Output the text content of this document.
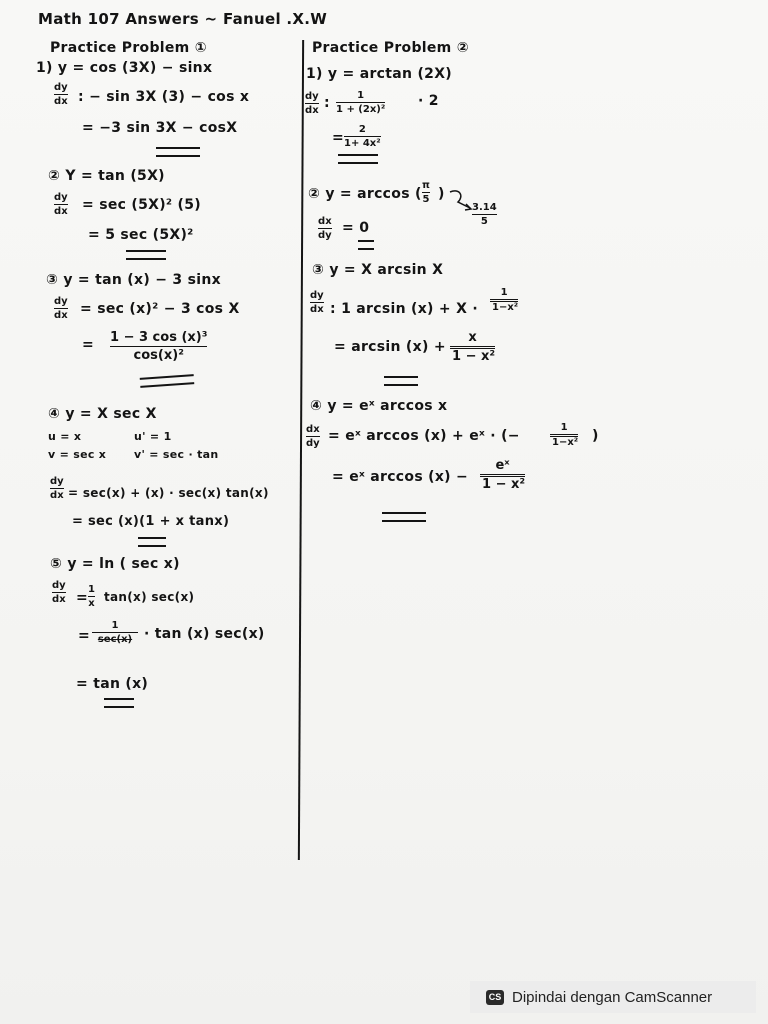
Math 107 Answers ~ Fanuel .X.W
Practice Problem ①
1) y = cos (3X) − sinx
dy
dx : − sin 3X (3) − cos x
= −3 sin 3X − cosX
② Y = tan (5X)
dy
dx = sec (5X)² (5)
= 5 sec (5X)²
③ y = tan (x) − 3 sinx
dy
dx = sec (x)² − 3 cos X
= 1 − 3 cos (x)³
cos(x)²
④ y = X sec X
u = x	u' = 1
v = sec x	v' = sec · tan
dy
dx = sec(x) + (x) · sec(x) tan(x)
= sec (x)(1 + x tanx)
⑤ y = ln ( sec x)
dy
dx =
1
x tan(x) sec(x)
=
1
sec(x) · tan (x) sec(x)
= tan (x)
Practice Problem ②
1) y = arctan (2X)
dy
dx :	1
1 + (2x)²
· 2
=
2
1+ 4x²
② y = arccos (
π
5 )
3.14
5
dx
dy = 0
③ y = X arcsin X
dy
dx : 1 $\arcsin (x) + X \cdot \frac{1}{\text{1−x²}}$
= $\arcsin (x) + \frac{x}{\text{1 − x²}}$
④ y = eˣ arccos x
dx
dy = eˣ arccos (x) + eˣ · (−	$\frac{1}{\text{1−x²}}$ )
= eˣ $\arccos (x) - \frac{\text{eˣ}}{\text{1 − x²}}$
CS Dipindai dengan CamScanner
